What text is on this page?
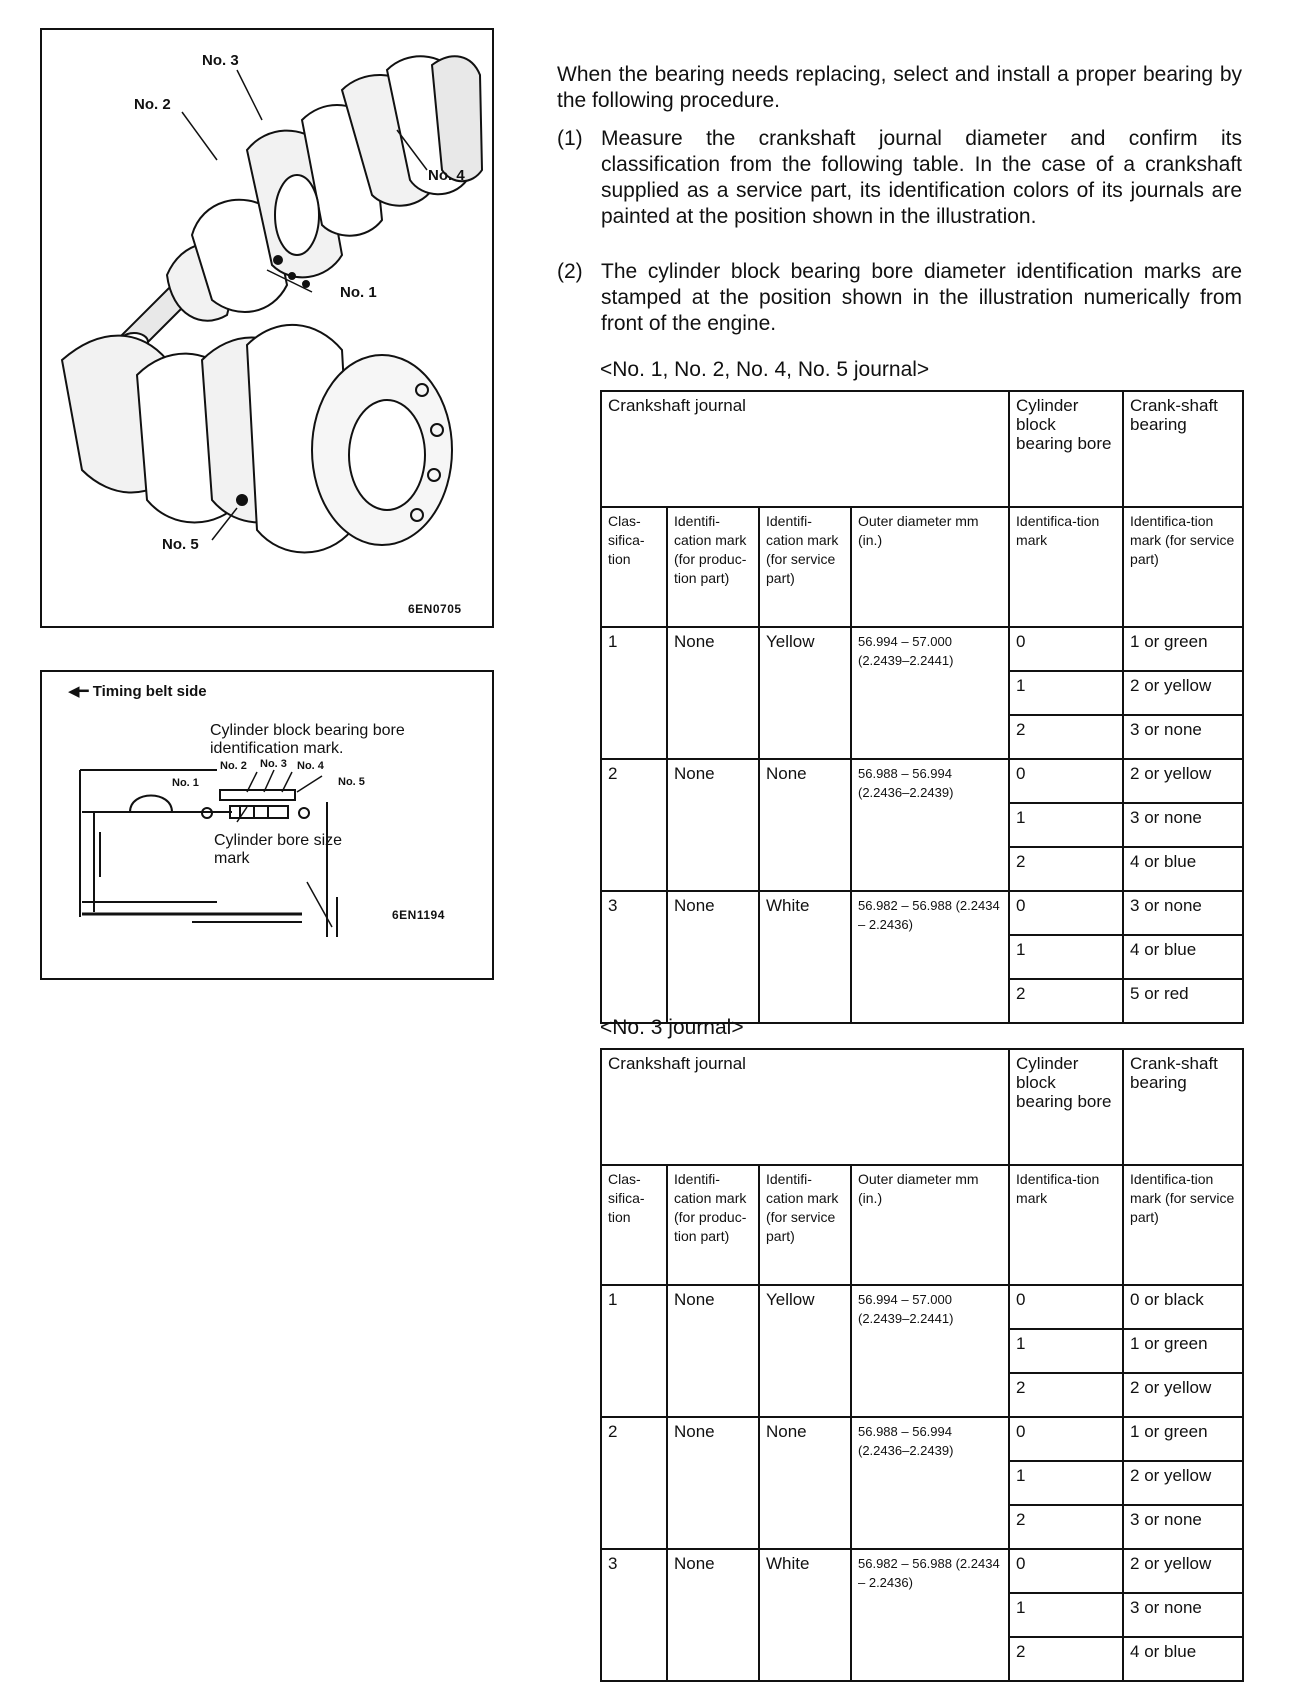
No. 3
No. 2
No. 4
No. 1
No. 5
6EN0705
◀━ Timing belt side
Cylinder block bearing bore identification mark.
No. 1
No. 2 No. 3 No. 4
No. 5
Cylinder bore size mark
6EN1194

When the bearing needs replacing, select and install a proper bearing by the following procedure.

(1) Measure the crankshaft journal diameter and confirm its classification from the following table. In the case of a crankshaft supplied as a service part, its identification colors of its journals are painted at the position shown in the illustration.
(2) The cylinder block bearing bore diameter identification marks are stamped at the position shown in the illustration numerically from front of the engine.
<No. 1, No. 2, No. 4, No. 5 journal>
Crankshaft journal				Cylinder block bearing bore	Crank-shaft bearing
Clas-sifica-tion	Identifi-cation mark (for produc-tion part)	Identifi-cation mark (for service part)	Outer diameter mm (in.)	Identifica-tion mark	Identifica-tion mark (for service part)
1	None	Yellow	56.994 – 57.000 (2.2439–2.2441)	0	1 or green
				1	2 or yellow
				2	3 or none
2	None	None	56.988 – 56.994 (2.2436–2.2439)	0	2 or yellow
				1	3 or none
				2	4 or blue
3	None	White	56.982 – 56.988 (2.2434 – 2.2436)	0	3 or none
				1	4 or blue
				2	5 or red
<No. 3 journal>
Crankshaft journal				Cylinder block bearing bore	Crank-shaft bearing
Clas-sifica-tion	Identifi-cation mark (for produc-tion part)	Identifi-cation mark (for service part)	Outer diameter mm (in.)	Identifica-tion mark	Identifica-tion mark (for service part)
1	None	Yellow	56.994 – 57.000 (2.2439–2.2441)	0	0 or black
				1	1 or green
				2	2 or yellow
2	None	None	56.988 – 56.994 (2.2436–2.2439)	0	1 or green
				1	2 or yellow
				2	3 or none
3	None	White	56.982 – 56.988 (2.2434 – 2.2436)	0	2 or yellow
				1	3 or none
				2	4 or blue
